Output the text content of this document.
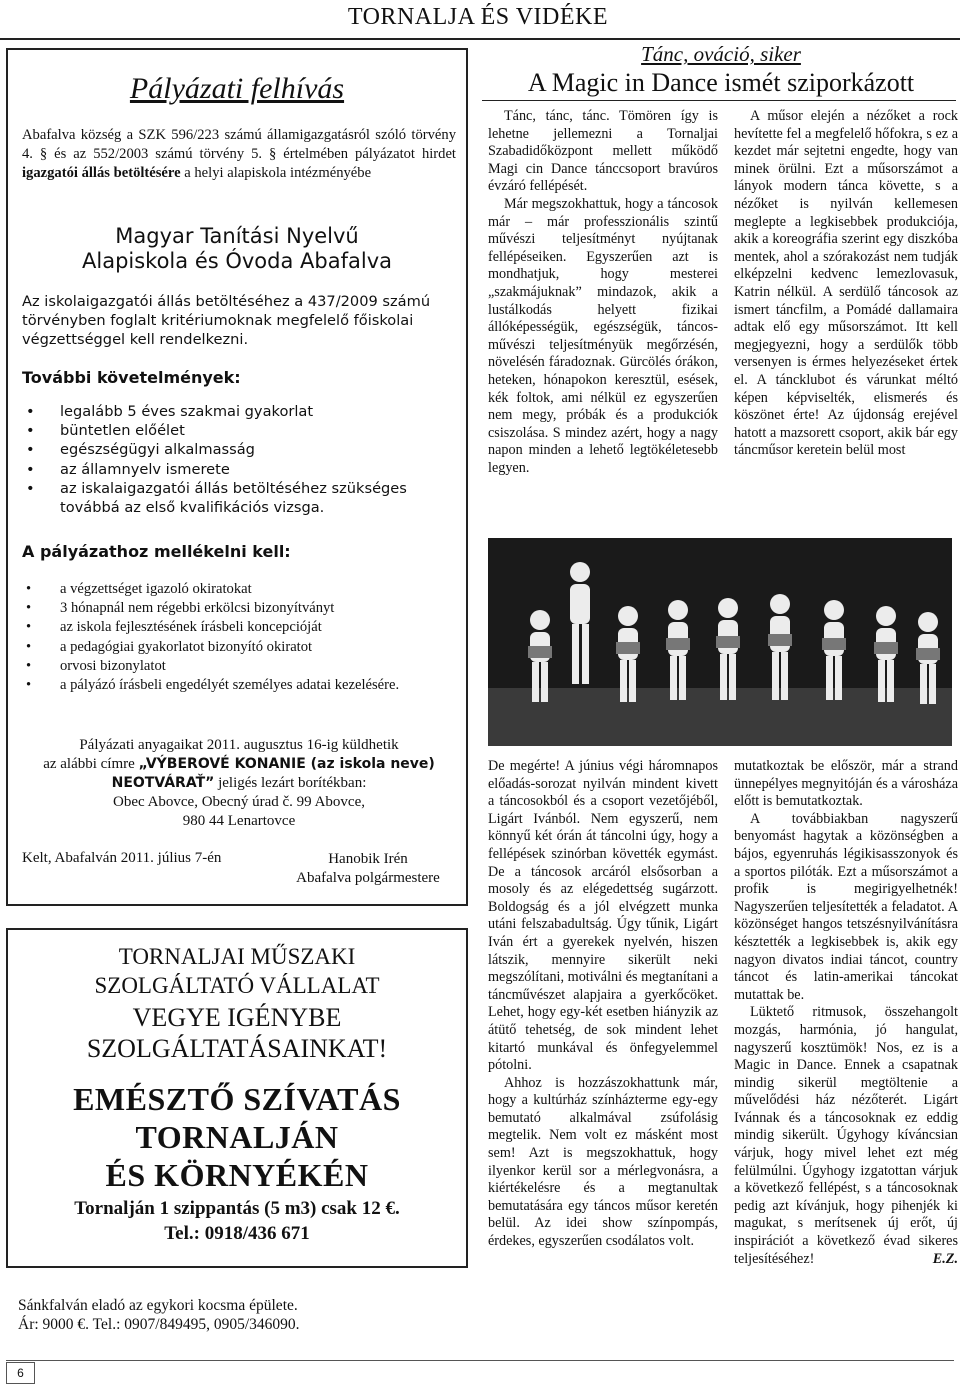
TORNALJA ÉS VIDÉKE
Pályázati felhívás
Abafalva község a SZK 596/223 számú államigazgatásról szóló törvény 4. § és az 552/2003 számú törvény 5. § értelmében pályázatot hirdet igazgatói állás betöltésére a helyi alapiskola intézményébe
Magyar Tanítási Nyelvű
Alapiskola és Óvoda Abafalva
Az iskolaigazgatói állás betöltéséhez a 437/2009 számú törvényben foglalt kritériumoknak megfelelő főiskolai végzettséggel kell rendelkezni.
További követelmények:
• legalább 5 éves szakmai gyakorlat
• büntetlen előélet
• egészségügyi alkalmasság
• az államnyelv ismerete
• az iskalaigazgatói állás betöltéséhez szükséges továbbá az első kvalifikációs vizsga.
A pályázathoz mellékelni kell:
• a végzettséget igazoló okiratokat
• 3 hónapnál nem régebbi erkölcsi bizonyítványt
• az iskola fejlesztésének írásbeli koncepcióját
• a pedagógiai gyakorlatot bizonyító okiratot
• orvosi bizonylatot
• a pályázó írásbeli engedélyét személyes adatai kezelésére.
Pályázati anyagaikat 2011. augusztus 16-ig küldhetik
az alábbi címre „VÝBEROVÉ KONANIE (az iskola neve) NEOTVÁRAŤ” jeligés lezárt borítékban:
Obec Abovce, Obecný úrad č. 99 Abovce,
980 44 Lenartovce
Kelt, Abafalván 2011. július 7-én	Hanobik Irén
Abafalva polgármestere
TORNALJAI MŰSZAKI
SZOLGÁLTATÓ VÁLLALAT
VEGYE IGÉNYBE
SZOLGÁLTATÁSAINKAT!
EMÉSZTŐ SZÍVATÁS
TORNALJÁN
ÉS KÖRNYÉKÉN
Tornalján 1 szippantás (5 m3) csak 12 €.
Tel.: 0918/436 671
Sánkfalván eladó az egykori kocsma épülete.
Ár: 9000 €. Tel.: 0907/849495, 0905/346090.
6
Tánc, ováció, siker
A Magic in Dance ismét sziporkázott

Tánc, tánc, tánc. Tömören így is lehetne jellemezni a Tornaljai Szabadidőközpont mellett működő Magi cin Dance tánccsoport bravúros évzáró fellépését.

Már megszokhattuk, hogy a táncosok már – már professzionális szintű művészi teljesítményt nyújtanak fellépéseiken. Egyszerűen azt is mondhatjuk, hogy mesterei „szakmájuknak” mindazok, akik a lustálkodás helyett fizikai állóképességük, egészségük, táncos-művészi teljesítményük megőrzésén, növelésén fáradoznak. Gürcölés órákon, heteken, hónapokon keresztül, esések, kék foltok, ami nélkül ez egyszerűen nem megy, próbák és a produkciók csiszolása. S mindez azért, hogy a nagy napon minden a lehető legtökéletesebb legyen.

A műsor elején a nézőket a rock hevítette fel a megfelelő hőfokra, s ez a kezdet már sejtetni engedte, hogy van minek örülni. Ezt a műsorszámot a lányok modern tánca követte, s a nézőket is nyilván kellemesen meglepte a legkisebbek produkciója, akik a koreográfia szerint egy diszkóba mentek, ahol a szórakozást nem tudják elképzelni kedvenc lemezlovasuk, Katrin nélkül. A serdülő táncosok az ismert táncfilm, a Pomádé dallamaira adtak elő egy műsorszámot. Itt kell megjegyezni, hogy a serdülők több versenyen is érmes helyezéseket értek el. A táncklubot és várunkat méltó képen képviselték, elismerés és köszönet érte! Az újdonság erejével hatott a mazsorett csoport, akik bár egy táncműsor keretein belül most

De megérte! A június végi háromnapos előadás-sorozat nyilván mindent kivett a táncosokból és a csoport vezetőjéből, Ligárt Ivánból. Nem egyszerű, nem könnyű két órán át táncolni úgy, hogy a fellépések szinórban követték egymást. De a táncosok arcáról elsősorban a mosoly és az elégedettség sugárzott. Boldogság és a jól elvégzett munka utáni felszabadultság. Úgy tűnik, Ligárt Iván ért a gyerekek nyelvén, hiszen látszik, mennyire sikerült neki megszólítani, motiválni és megtanítani a táncművészet alapjaira a gyerkőcöket. Lehet, hogy egy-két esetben hiányzik az átütő tehetség, de sok mindent lehet kitartó munkával és önfegyelemmel pótolni.

Ahhoz is hozzászokhattunk már, hogy a kultúrház színházterme egy-egy bemutató alkalmával zsúfolásig megtelik. Nem volt ez másként most sem! Azt is megszokhattuk, hogy ilyenkor kerül sor a mérlegvonásra, a kiértékelésre és a megtanultak bemutatására egy táncos műsor keretén belül. Az idei show színpompás, érdekes, egyszerűen csodálatos volt.

mutatkoztak be először, már a strand ünnepélyes megnyitóján és a városháza előtt is bemutatkoztak.

A továbbiakban nagyszerű benyomást hagytak a közönségben a bájos, egyenruhás légikisasszonyok és a sportos pilóták. Ezt a műsorszámot a profik is megirigyelhetnék! Nagyszerűen teljesítették a feladatot. A közönséget hangos tetszésnyilvánításra késztették a legkisebbek is, akik egy nagyon divatos indiai táncot, country táncot és latin-amerikai táncokat mutattak be.

Lüktető ritmusok, összehangolt mozgás, harmónia, jó hangulat, nagyszerű kosztümök! Nos, ez is a Magic in Dance. Ennek a csapatnak mindig sikerül megtöltenie a művelődési ház nézőterét. Ligárt Ivánnak és a táncosoknak ez eddig mindig sikerült. Úgyhogy kíváncsian várjuk, hogy mivel lehet ezt még felülmúlni. Úgyhogy izgatottan várjuk a következő fellépést, s a táncosoknak pedig azt kívánjuk, hogy pihenjék ki magukat, s merítsenek új erőt, új inspirációt a következő évad sikeres teljesítéséhez!	E.Z.
